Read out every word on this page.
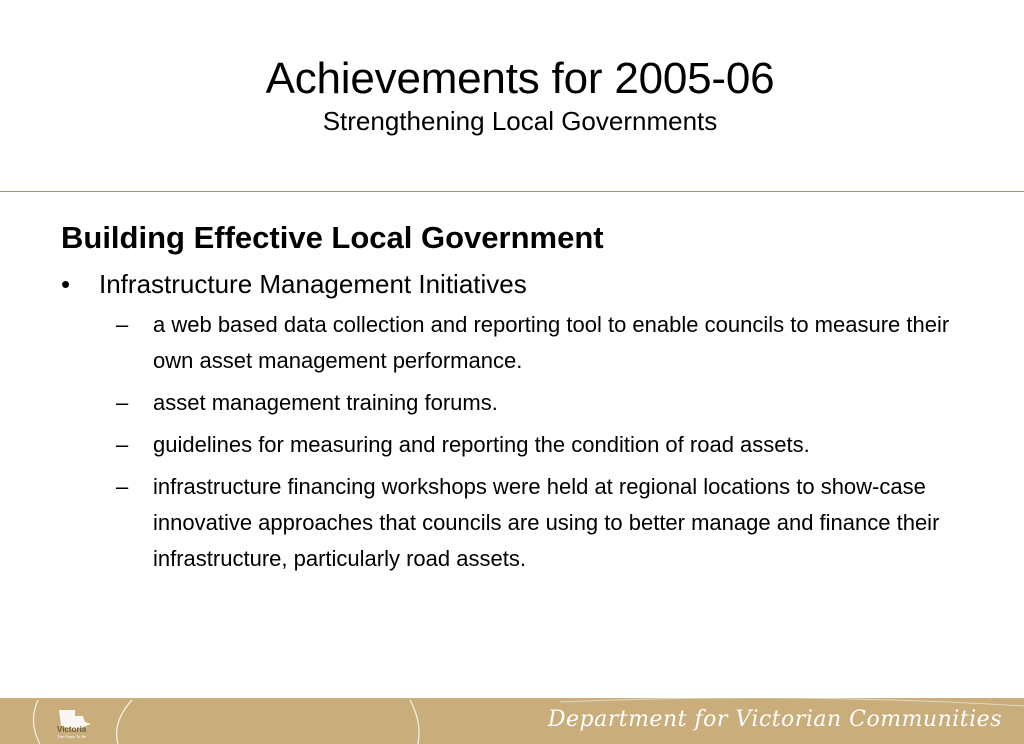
Achievements for 2005-06

Strengthening Local Governments

Building Effective Local Government
• Infrastructure Management Initiatives
– a web based data collection and reporting tool to enable councils to measure their own asset management performance.
– asset management training forums.
– guidelines for measuring and reporting the condition of road assets.
– infrastructure financing workshops were held at regional locations to show-case innovative approaches that councils are using to better manage and finance their infrastructure, particularly road assets.
Victoria
The Place To Be
Department for Victorian Communities
